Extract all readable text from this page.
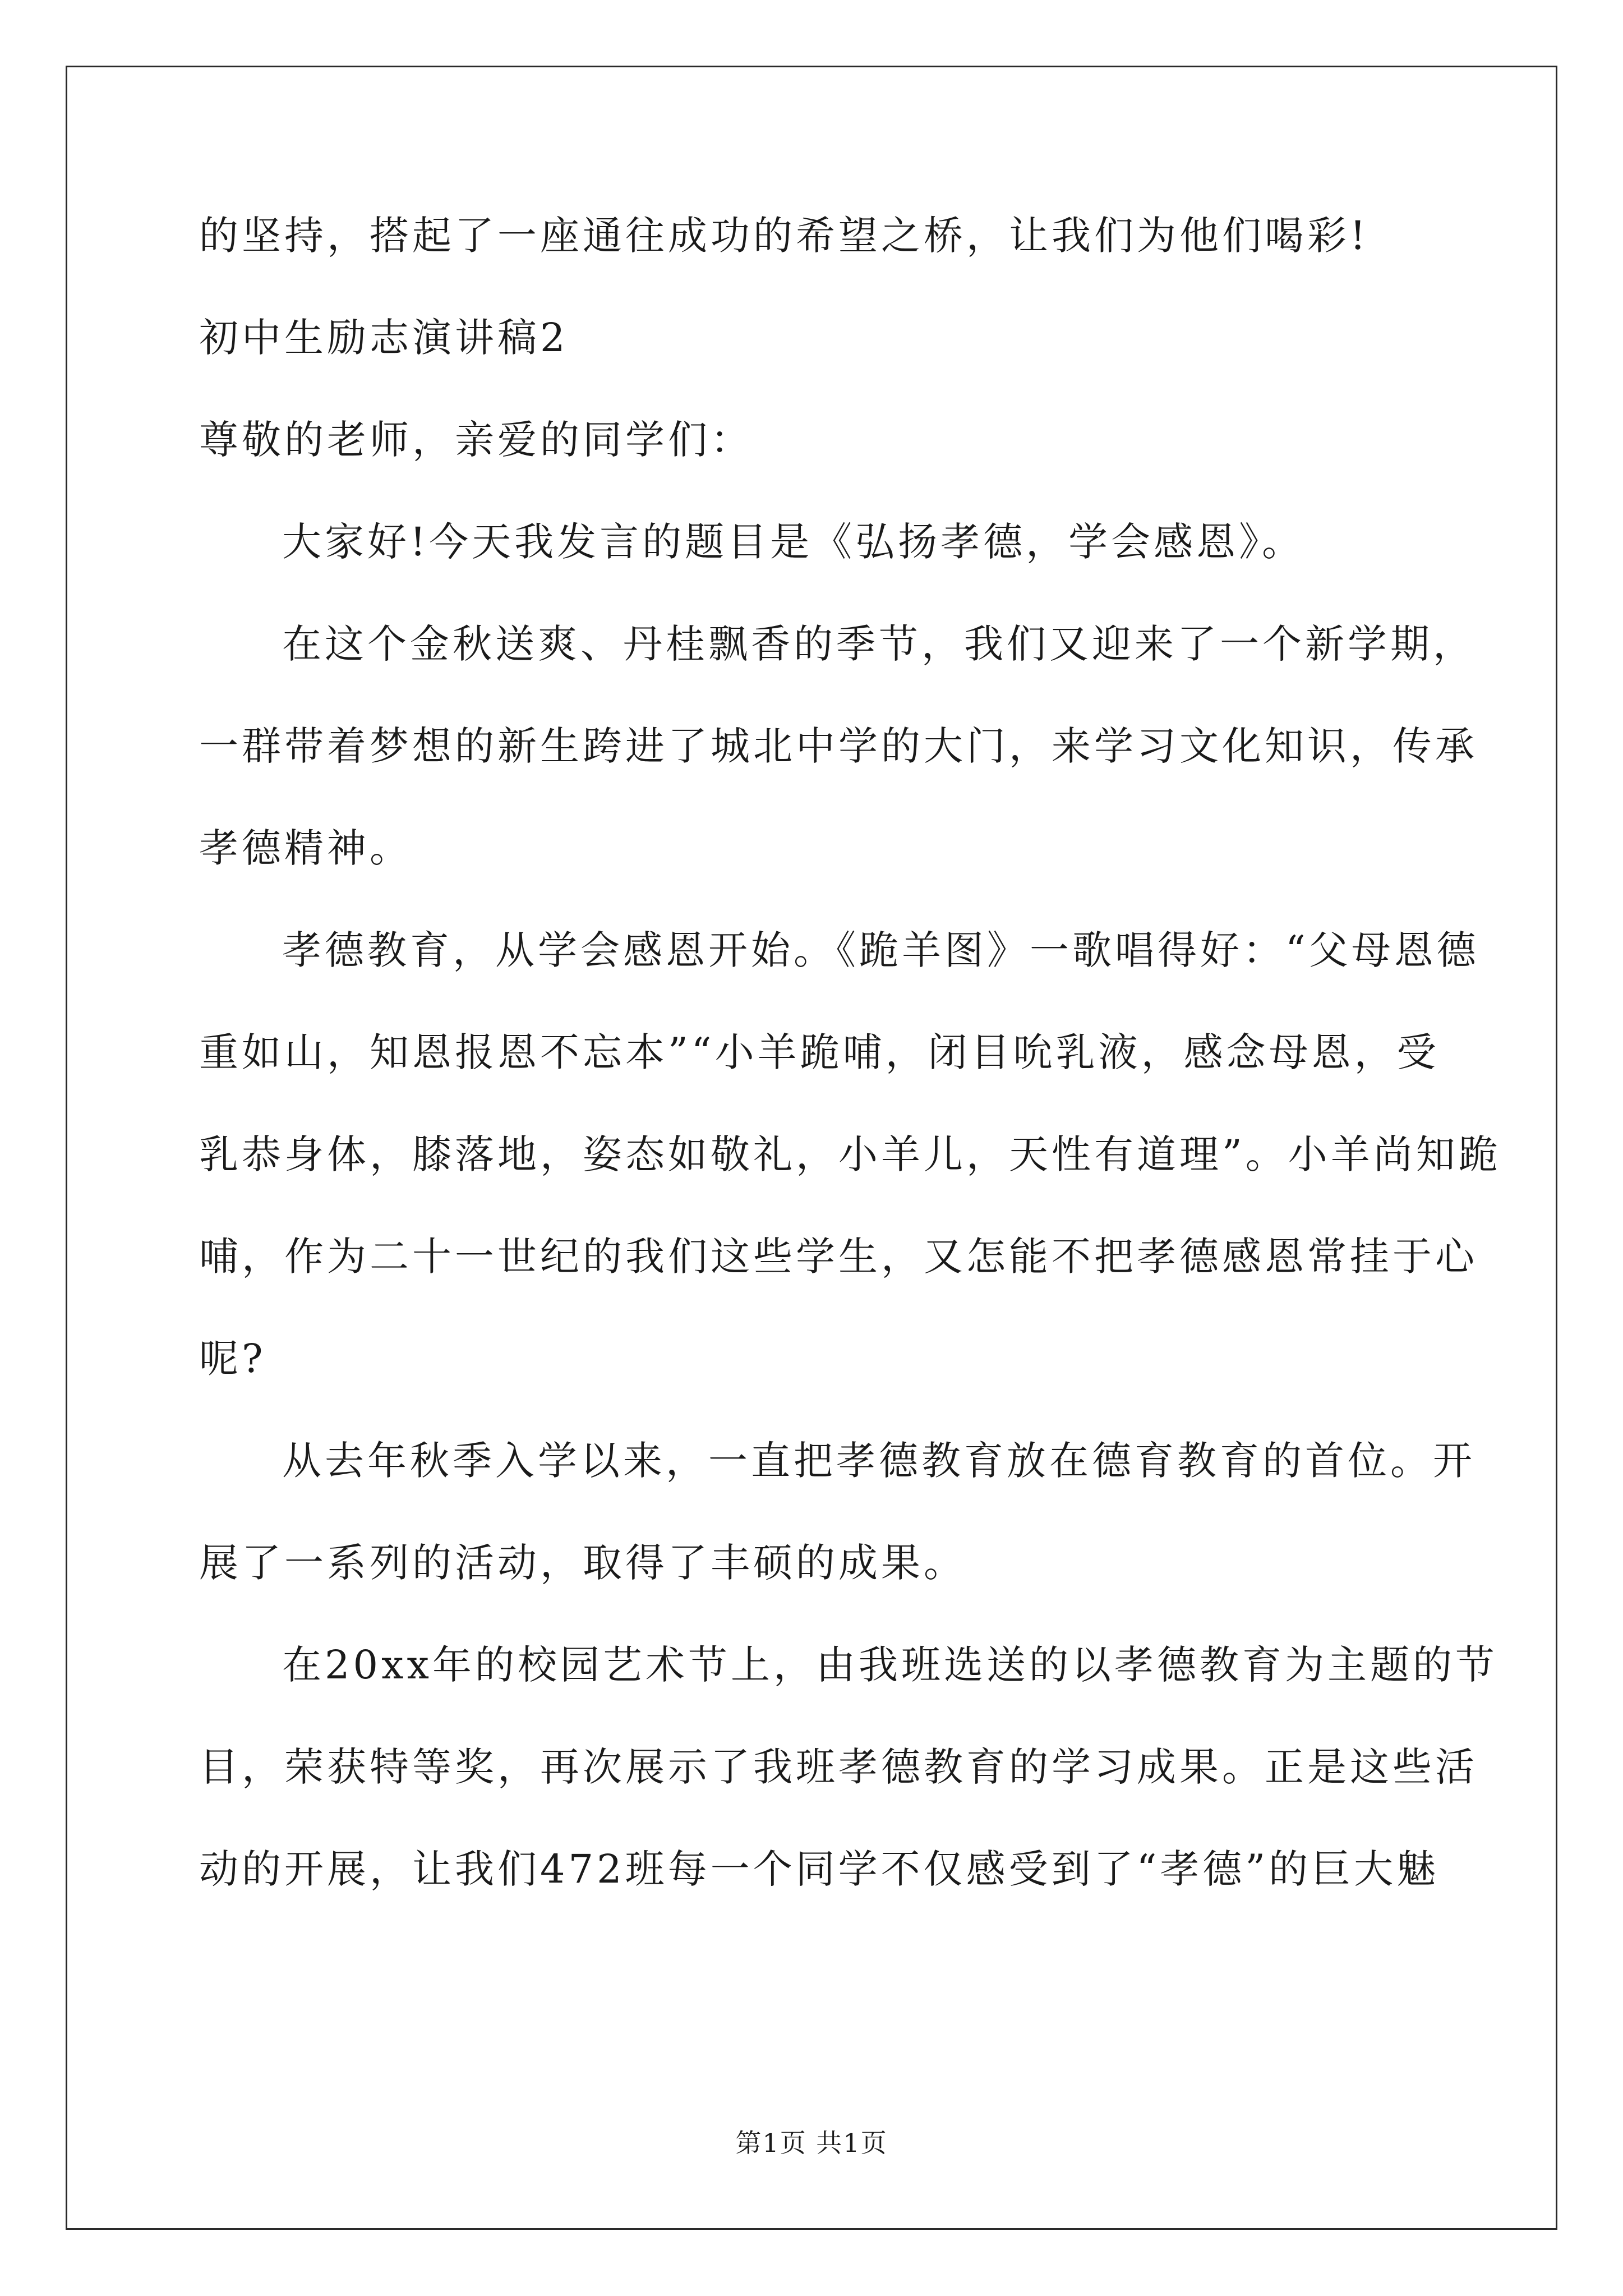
的坚持，搭起了一座通往成功的希望之桥，让我们为他们喝彩!
初中生励志演讲稿2
尊敬的老师，亲爱的同学们：
大家好!今天我发言的题目是《弘扬孝德，学会感恩》。
在这个金秋送爽、丹桂飘香的季节，我们又迎来了一个新学期，
一群带着梦想的新生跨进了城北中学的大门，来学习文化知识，传承
孝德精神。
孝德教育，从学会感恩开始。《跪羊图》一歌唱得好：“父母恩德
重如山，知恩报恩不忘本”“小羊跪哺，闭目吮乳液，感念母恩，受
乳恭身体，膝落地，姿态如敬礼，小羊儿，天性有道理”。小羊尚知跪
哺，作为二十一世纪的我们这些学生，又怎能不把孝德感恩常挂于心
呢?
从去年秋季入学以来，一直把孝德教育放在德育教育的首位。开
展了一系列的活动，取得了丰硕的成果。
在20xx年的校园艺术节上，由我班选送的以孝德教育为主题的节
目，荣获特等奖，再次展示了我班孝德教育的学习成果。正是这些活
动的开展，让我们472班每一个同学不仅感受到了“孝德”的巨大魅
第1页 共1页
